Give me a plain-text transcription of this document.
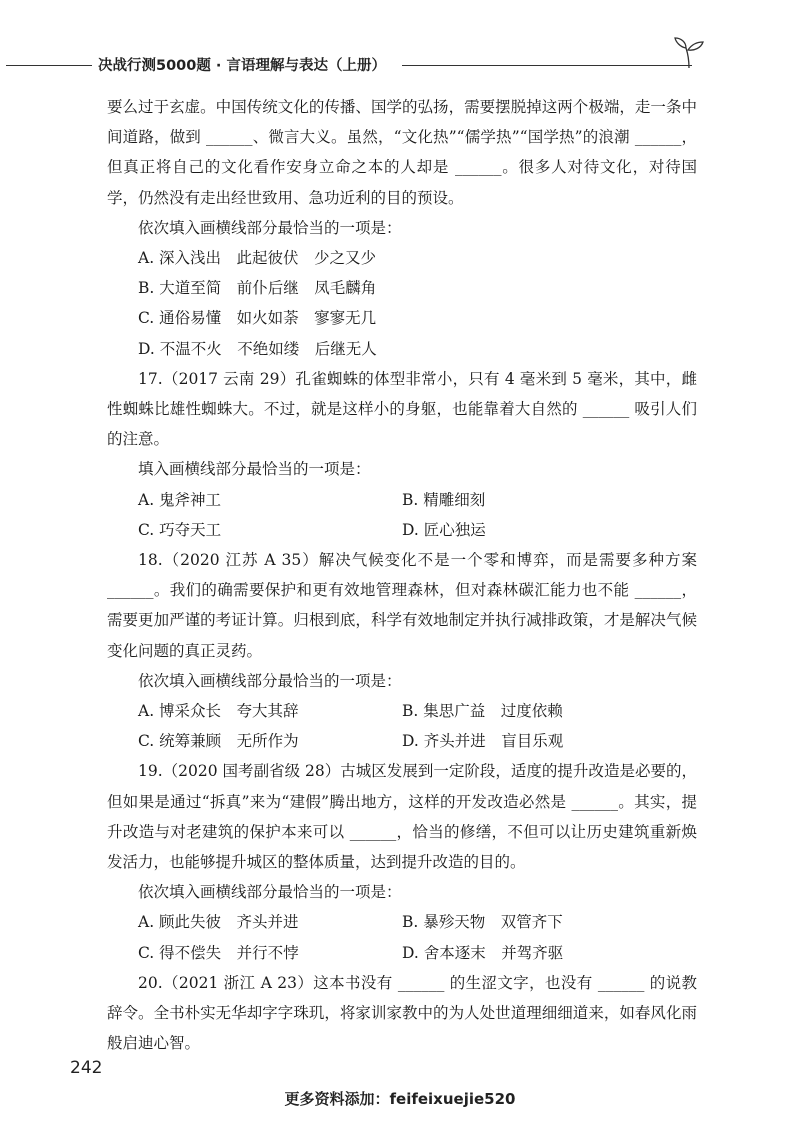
决战行测5000题 · 言语理解与表达（上册）

要么过于玄虚。中国传统文化的传播、国学的弘扬，需要摆脱掉这两个极端，走一条中间道路，做到 ______、微言大义。虽然，“文化热”“儒学热”“国学热”的浪潮 ______，但真正将自己的文化看作安身立命之本的人却是 ______。很多人对待文化，对待国学，仍然没有走出经世致用、急功近利的目的预设。

依次填入画横线部分最恰当的一项是：

A. 深入浅出　此起彼伏　少之又少
B. 大道至简　前仆后继　凤毛麟角
C. 通俗易懂　如火如荼　寥寥无几
D. 不温不火　不绝如缕　后继无人

17.（2017 云南 29）孔雀蜘蛛的体型非常小，只有 4 毫米到 5 毫米，其中，雌性蜘蛛比雄性蜘蛛大。不过，就是这样小的身躯，也能靠着大自然的 ______ 吸引人们的注意。

填入画横线部分最恰当的一项是：

A. 鬼斧神工	B. 精雕细刻
C. 巧夺天工	D. 匠心独运

18.（2020 江苏 A 35）解决气候变化不是一个零和博弈，而是需要多种方案 ______。我们的确需要保护和更有效地管理森林，但对森林碳汇能力也不能 ______，需要更加严谨的考证计算。归根到底，科学有效地制定并执行减排政策，才是解决气候变化问题的真正灵药。

依次填入画横线部分最恰当的一项是：

A. 博采众长　夸大其辞	B. 集思广益　过度依赖
C. 统筹兼顾　无所作为	D. 齐头并进　盲目乐观

19.（2020 国考副省级 28）古城区发展到一定阶段，适度的提升改造是必要的，但如果是通过“拆真”来为“建假”腾出地方，这样的开发改造必然是 ______。其实，提升改造与对老建筑的保护本来可以 ______，恰当的修缮，不但可以让历史建筑重新焕发活力，也能够提升城区的整体质量，达到提升改造的目的。

依次填入画横线部分最恰当的一项是：

A. 顾此失彼　齐头并进	B. 暴殄天物　双管齐下
C. 得不偿失　并行不悖	D. 舍本逐末　并驾齐驱

20.（2021 浙江 A 23）这本书没有 ______ 的生涩文字，也没有 ______ 的说教辞令。全书朴实无华却字字珠玑，将家训家教中的为人处世道理细细道来，如春风化雨般启迪心智。

242
更多资料添加：feifeixuejie520
